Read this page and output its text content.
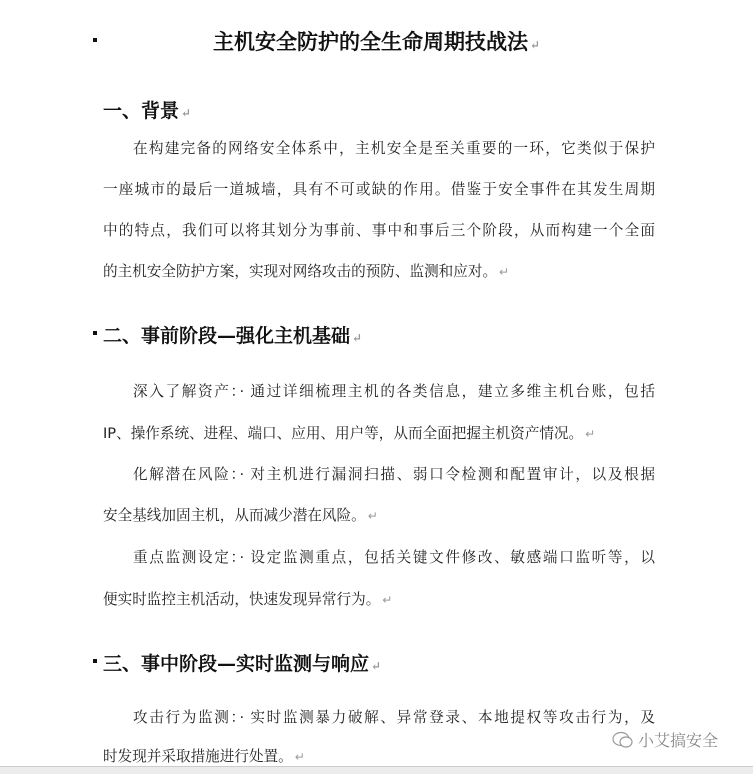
主机安全防护的全生命周期技战法 ↵
一、背景 ↵
在构建完备的网络安全体系中，主机安全是至关重要的一环，它类似于保护
一座城市的最后一道城墙，具有不可或缺的作用。借鉴于安全事件在其发生周期
中的特点，我们可以将其划分为事前、事中和事后三个阶段，从而构建一个全面
的主机安全防护方案，实现对网络攻击的预防、监测和应对。 ↵
二、事前阶段—强化主机基础 ↵
深入了解资产：· 通过详细梳理主机的各类信息，建立多维主机台账，包括
IP、操作系统、进程、端口、应用、用户等，从而全面把握主机资产情况。 ↵
化解潜在风险：· 对主机进行漏洞扫描、弱口令检测和配置审计，以及根据
安全基线加固主机，从而减少潜在风险。 ↵
重点监测设定：· 设定监测重点，包括关键文件修改、敏感端口监听等，以
便实时监控主机活动，快速发现异常行为。 ↵
三、事中阶段—实时监测与响应 ↵
攻击行为监测：· 实时监测暴力破解、异常登录、本地提权等攻击行为，及
时发现并采取措施进行处置。 ↵
小艾搞安全
